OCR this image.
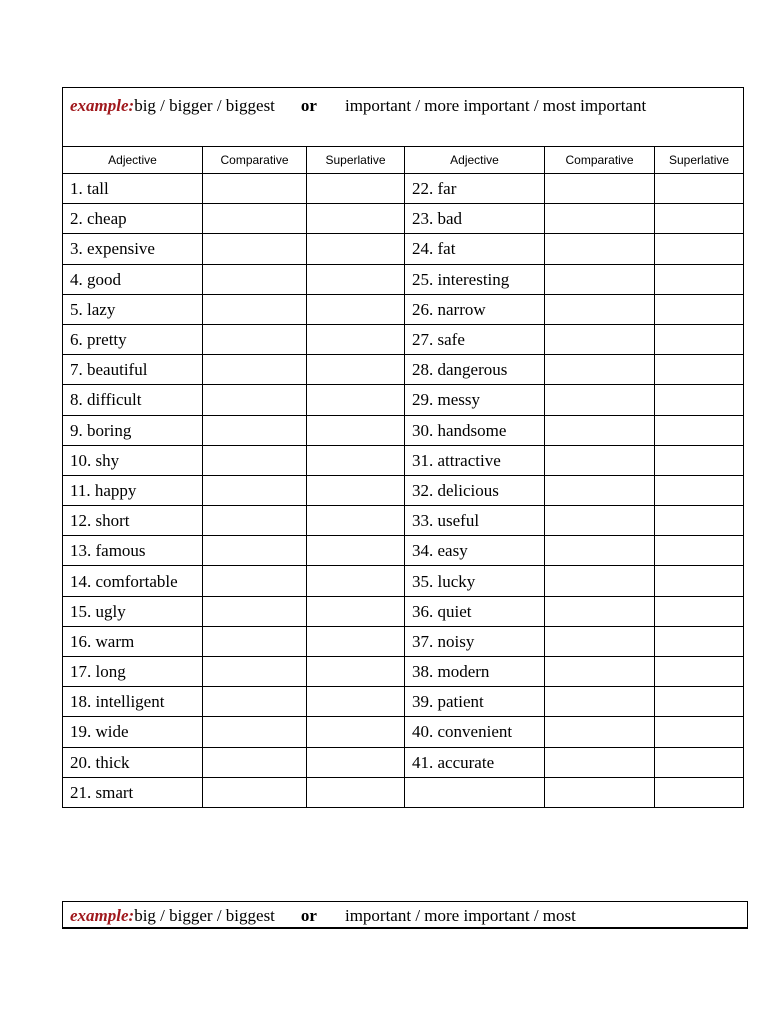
example:big / bigger / biggest or important / more important / most important					
Adjective	Comparative	Superlative	Adjective	Comparative	Superlative
1. tall			22. far		
2. cheap			23. bad		
3. expensive			24. fat		
4. good			25. interesting		
5. lazy			26. narrow		
6. pretty			27. safe		
7. beautiful			28. dangerous		
8. difficult			29. messy		
9. boring			30. handsome		
10. shy			31. attractive		
11. happy			32. delicious		
12. short			33. useful		
13. famous			34. easy		
14. comfortable			35. lucky		
15. ugly			36. quiet		
16. warm			37. noisy		
17. long			38. modern		
18. intelligent			39. patient		
19. wide			40. convenient		
20. thick			41. accurate		
21. smart					
example:big / bigger / biggest or important / more important / most
